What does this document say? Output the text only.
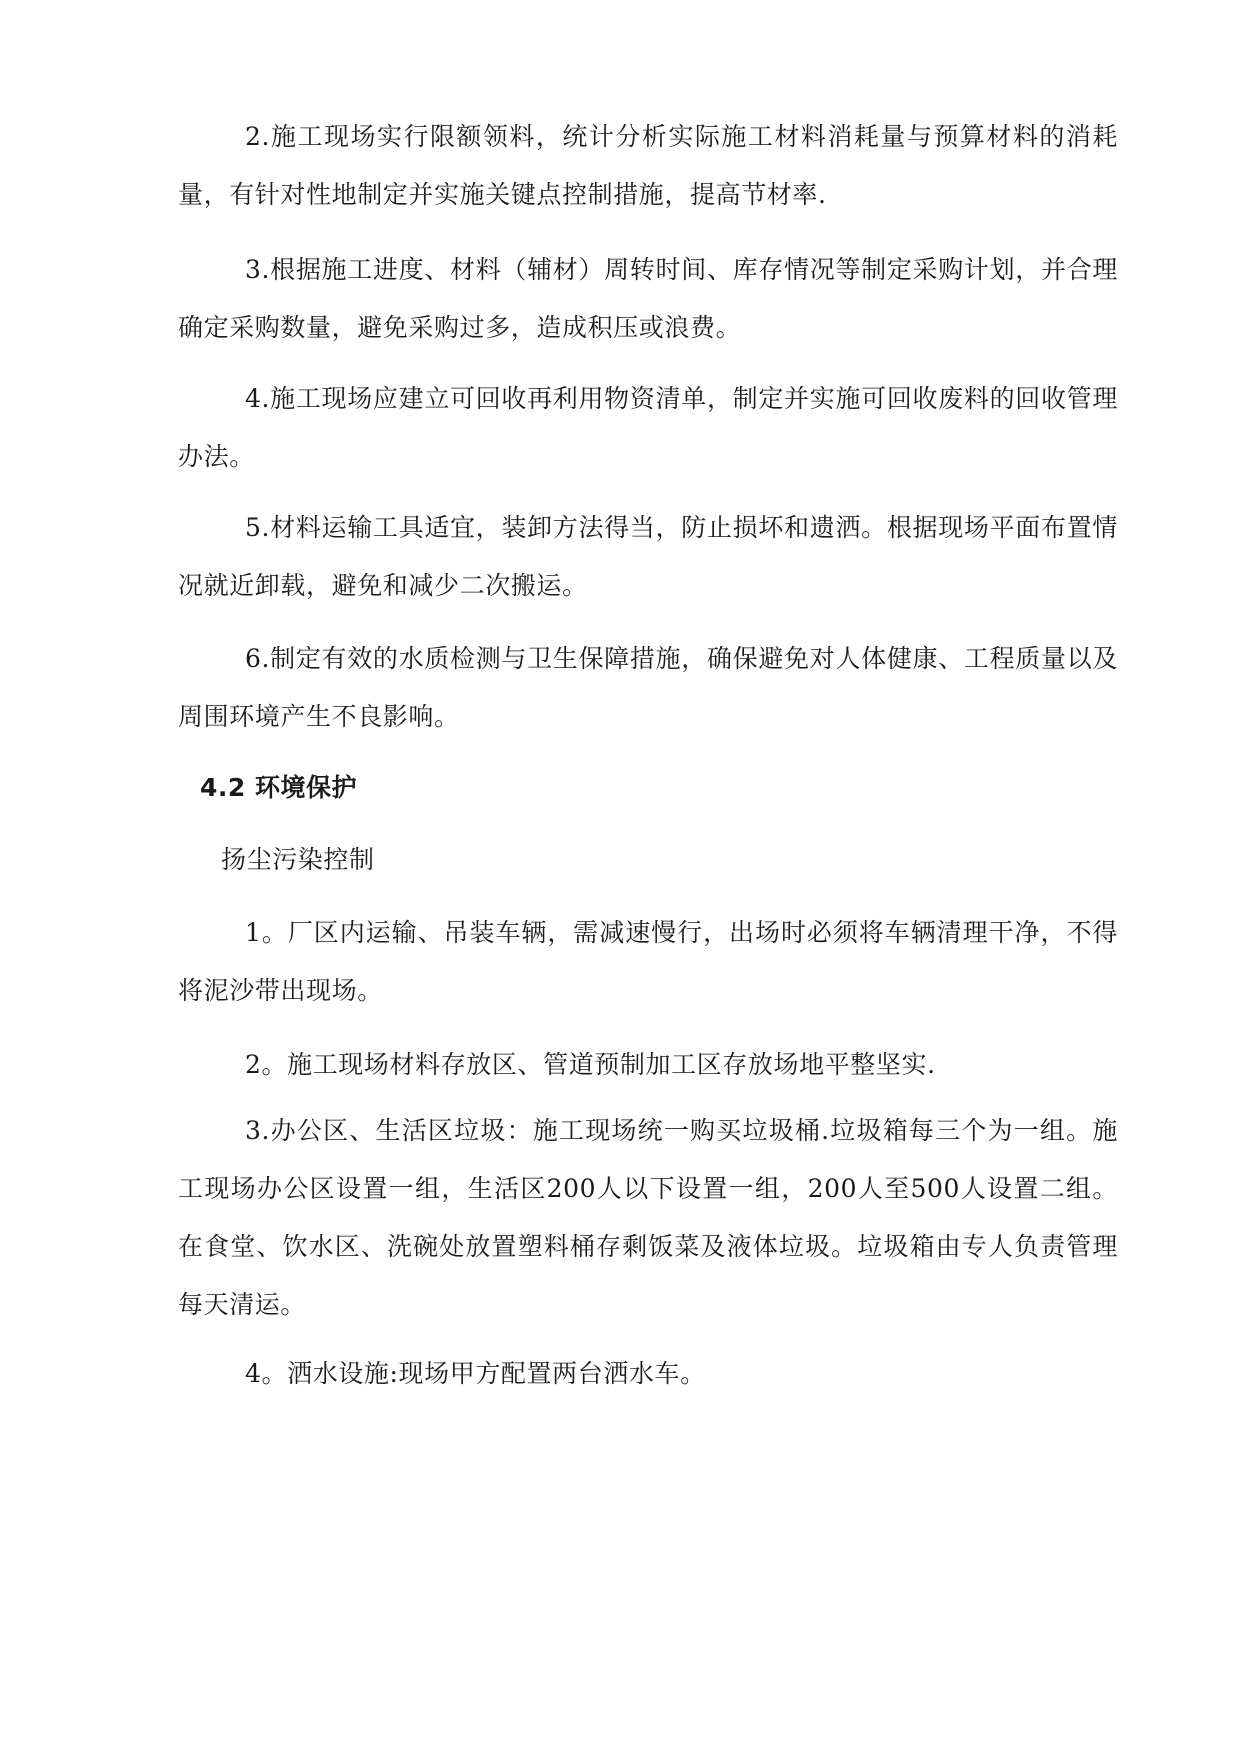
2.施工现场实行限额领料，统计分析实际施工材料消耗量与预算材料的消耗量，有针对性地制定并实施关键点控制措施，提高节材率.

3.根据施工进度、材料（辅材）周转时间、库存情况等制定采购计划，并合理确定采购数量，避免采购过多，造成积压或浪费。

4.施工现场应建立可回收再利用物资清单，制定并实施可回收废料的回收管理办法。

5.材料运输工具适宜，装卸方法得当，防止损坏和遗洒。根据现场平面布置情况就近卸载，避免和减少二次搬运。

6.制定有效的水质检测与卫生保障措施，确保避免对人体健康、工程质量以及周围环境产生不良影响。

4.2 环境保护
扬尘污染控制

1。厂区内运输、吊装车辆，需减速慢行，出场时必须将车辆清理干净，不得将泥沙带出现场。

2。施工现场材料存放区、管道预制加工区存放场地平整坚实.

3.办公区、生活区垃圾：施工现场统一购买垃圾桶.垃圾箱每三个为一组。施工现场办公区设置一组，生活区200人以下设置一组，200人至500人设置二组。在食堂、饮水区、洗碗处放置塑料桶存剩饭菜及液体垃圾。垃圾箱由专人负责管理每天清运。

4。洒水设施:现场甲方配置两台洒水车。
